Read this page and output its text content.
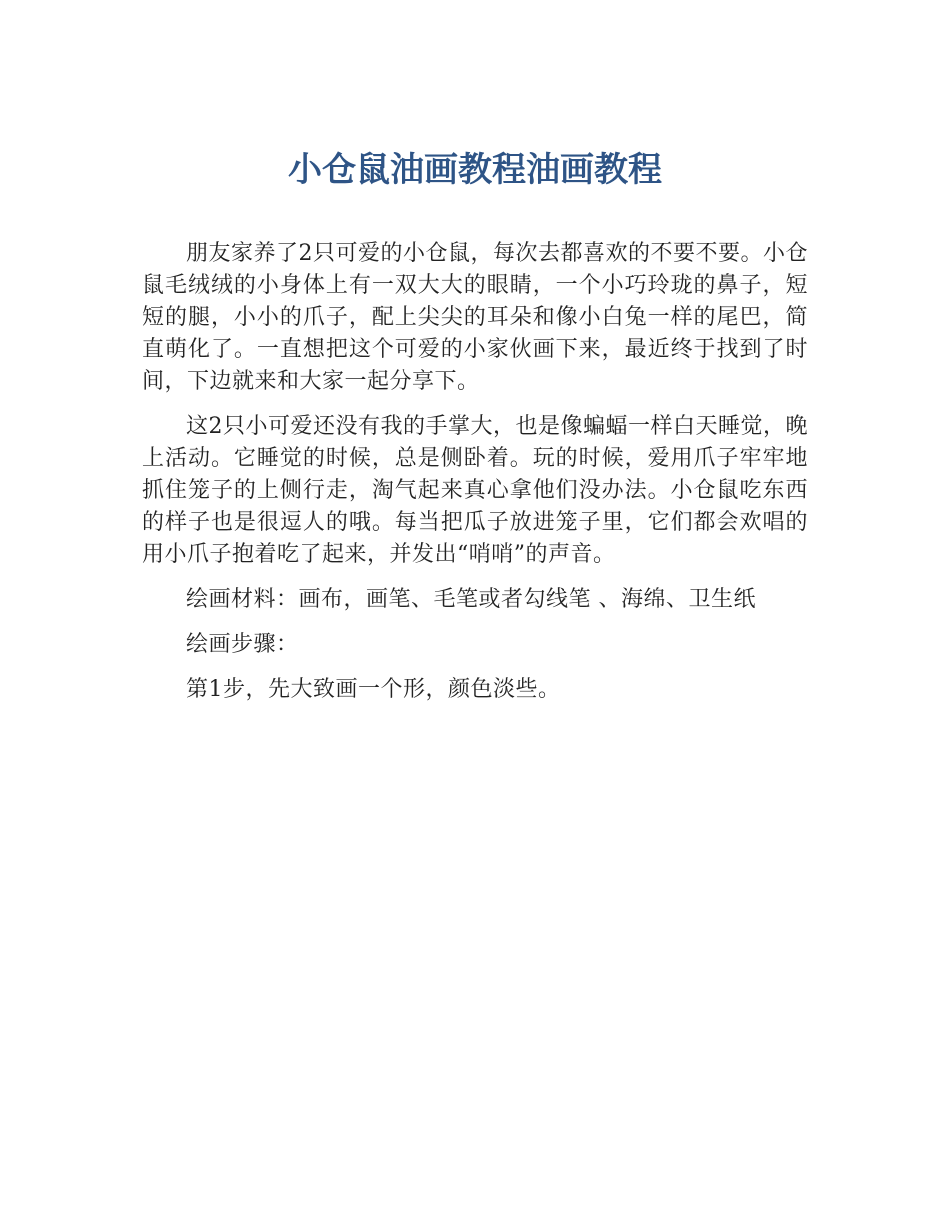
小仓鼠油画教程油画教程

朋友家养了2只可爱的小仓鼠，每次去都喜欢的不要不要。小仓鼠毛绒绒的小身体上有一双大大的眼睛，一个小巧玲珑的鼻子，短短的腿，小小的爪子，配上尖尖的耳朵和像小白兔一样的尾巴，简直萌化了。一直想把这个可爱的小家伙画下来，最近终于找到了时间，下边就来和大家一起分享下。

这2只小可爱还没有我的手掌大，也是像蝙蝠一样白天睡觉，晚上活动。它睡觉的时候，总是侧卧着。玩的时候，爱用爪子牢牢地抓住笼子的上侧行走，淘气起来真心拿他们没办法。小仓鼠吃东西的样子也是很逗人的哦。每当把瓜子放进笼子里，它们都会欢唱的用小爪子抱着吃了起来，并发出“哨哨”的声音。

绘画材料：画布，画笔、毛笔或者勾线笔 、海绵、卫生纸

绘画步骤：

第1步，先大致画一个形，颜色淡些。
